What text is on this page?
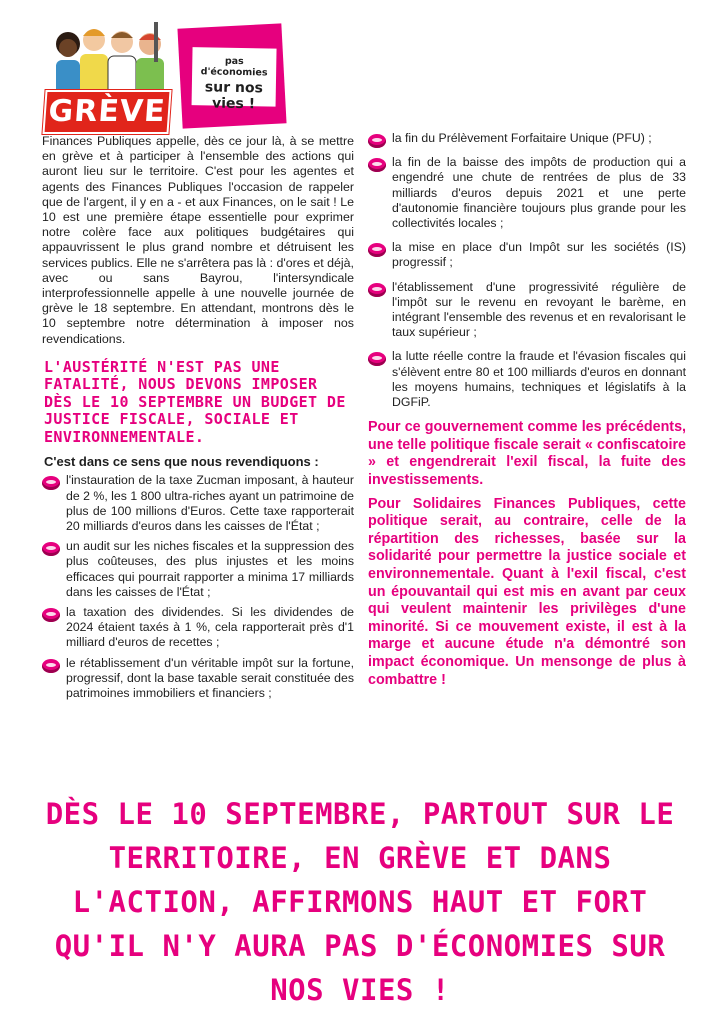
GRÈVE
pas d'économies
sur nos vies !

Finances Publiques appelle, dès ce jour là, à se mettre en grève et à participer à l'ensemble des actions qui auront lieu sur le territoire. C'est pour les agentes et agents des Finances Publiques l'occasion de rappeler que de l'argent, il y en a - et aux Finances, on le sait ! Le 10 est une première étape essentielle pour exprimer notre colère face aux politiques budgétaires qui appauvrissent le plus grand nombre et détruisent les services publics. Elle ne s'arrêtera pas là : d'ores et déjà, avec ou sans Bayrou, l'intersyndicale interprofessionnelle appelle à une nouvelle journée de grève le 18 septembre. En attendant, montrons dès le 10 septembre notre détermination à imposer nos revendications.

L'AUSTÉRITÉ N'EST PAS UNE FATALITÉ, NOUS DEVONS IMPOSER DÈS LE 10 SEPTEMBRE UN BUDGET DE JUSTICE FISCALE, SOCIALE ET ENVIRONNEMENTALE.
C'est dans ce sens que nous revendiquons :
l'instauration de la taxe Zucman imposant, à hauteur de 2 %, les 1 800 ultra-riches ayant un patrimoine de plus de 100 millions d'Euros. Cette taxe rapporterait 20 milliards d'euros dans les caisses de l'État ;
un audit sur les niches fiscales et la suppression des plus coûteuses, des plus injustes et les moins efficaces qui pourrait rapporter a minima 17 milliards dans les caisses de l'État ;
la taxation des dividendes. Si les dividendes de 2024 étaient taxés à 1 %, cela rapporterait près d'1 milliard d'euros de recettes ;
le rétablissement d'un véritable impôt sur la fortune, progressif, dont la base taxable serait constituée des patrimoines immobiliers et financiers ;
la fin du Prélèvement Forfaitaire Unique (PFU) ;
la fin de la baisse des impôts de production qui a engendré une chute de rentrées de plus de 33 milliards d'euros depuis 2021 et une perte d'autonomie financière toujours plus grande pour les collectivités locales ;
la mise en place d'un Impôt sur les sociétés (IS) progressif ;
l'établissement d'une progressivité régulière de l'impôt sur le revenu en revoyant le barème, en intégrant l'ensemble des revenus et en revalorisant le taux supérieur ;
la lutte réelle contre la fraude et l'évasion fiscales qui s'élèvent entre 80 et 100 milliards d'euros en donnant les moyens humains, techniques et législatifs à la DGFiP.

Pour ce gouvernement comme les précédents, une telle politique fiscale serait « confiscatoire » et engendrerait l'exil fiscal, la fuite des investissements.

Pour Solidaires Finances Publiques, cette politique serait, au contraire, celle de la répartition des richesses, basée sur la solidarité pour permettre la justice sociale et environnementale. Quant à l'exil fiscal, c'est un épouvantail qui est mis en avant par ceux qui veulent maintenir les privilèges d'une minorité. Si ce mouvement existe, il est à la marge et aucune étude n'a démontré son impact économique. Un mensonge de plus à combattre !

DÈS LE 10 SEPTEMBRE, PARTOUT SUR LE TERRITOIRE, EN GRÈVE ET DANS L'ACTION, AFFIRMONS HAUT ET FORT QU'IL N'Y AURA PAS D'ÉCONOMIES SUR NOS VIES !
